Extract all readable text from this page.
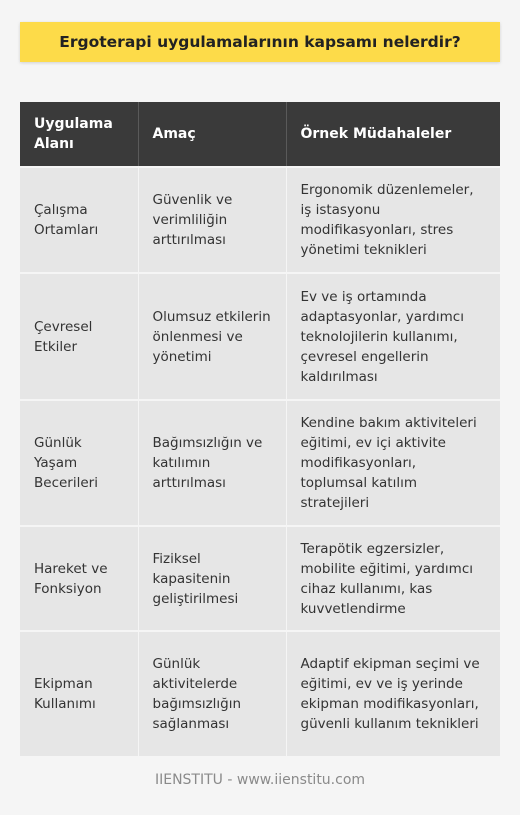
Ergoterapi uygulamalarının kapsamı nelerdir?
Uygulama Alanı	Amaç	Örnek Müdahaleler
Çalışma Ortamları	Güvenlik ve verimliliğin arttırılması	Ergonomik düzenlemeler, iş istasyonu modifikasyonları, stres yönetimi teknikleri
Çevresel Etkiler	Olumsuz etkilerin önlenmesi ve yönetimi	Ev ve iş ortamında adaptasyonlar, yardımcı teknolojilerin kullanımı, çevresel engellerin kaldırılması
Günlük Yaşam Becerileri	Bağımsızlığın ve katılımın arttırılması	Kendine bakım aktiviteleri eğitimi, ev içi aktivite modifikasyonları, toplumsal katılım stratejileri
Hareket ve Fonksiyon	Fiziksel kapasitenin geliştirilmesi	Terapötik egzersizler, mobilite eğitimi, yardımcı cihaz kullanımı, kas kuvvetlendirme
Ekipman Kullanımı	Günlük aktivitelerde bağımsızlığın sağlanması	Adaptif ekipman seçimi ve eğitimi, ev ve iş yerinde ekipman modifikasyonları, güvenli kullanım teknikleri
IIENSTITU - www.iienstitu.com
